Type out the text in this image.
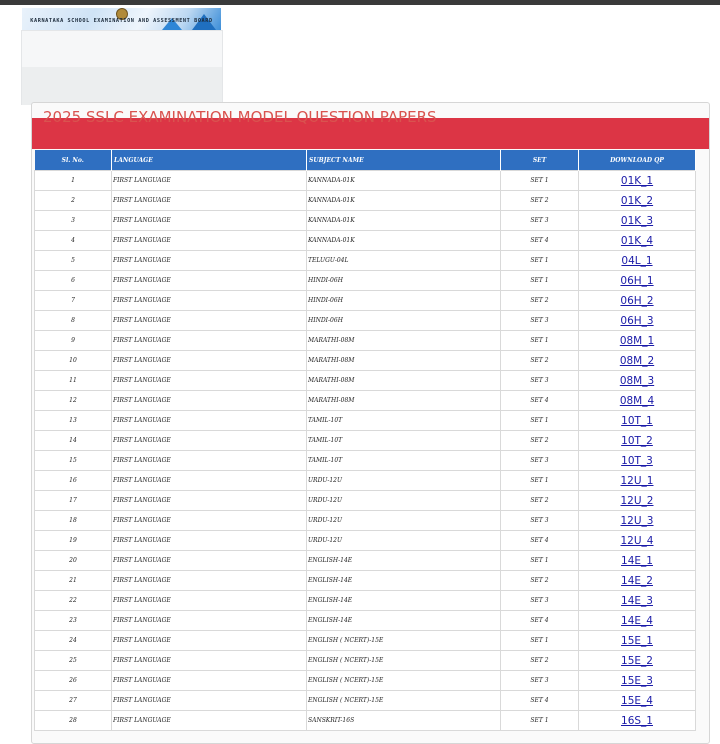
KARNATAKA SCHOOL EXAMINATION AND ASSESSMENT BOARD
2025 SSLC EXAMINATION MODEL QUESTION PAPERS
Sl. No.	LANGUAGE	SUBJECT NAME	SET	DOWNLOAD QP
1	FIRST LANGUAGE	KANNADA-01K	SET 1	01K_1
2	FIRST LANGUAGE	KANNADA-01K	SET 2	01K_2
3	FIRST LANGUAGE	KANNADA-01K	SET 3	01K_3
4	FIRST LANGUAGE	KANNADA-01K	SET 4	01K_4
5	FIRST LANGUAGE	TELUGU-04L	SET 1	04L_1
6	FIRST LANGUAGE	HINDI-06H	SET 1	06H_1
7	FIRST LANGUAGE	HINDI-06H	SET 2	06H_2
8	FIRST LANGUAGE	HINDI-06H	SET 3	06H_3
9	FIRST LANGUAGE	MARATHI-08M	SET 1	08M_1
10	FIRST LANGUAGE	MARATHI-08M	SET 2	08M_2
11	FIRST LANGUAGE	MARATHI-08M	SET 3	08M_3
12	FIRST LANGUAGE	MARATHI-08M	SET 4	08M_4
13	FIRST LANGUAGE	TAMIL-10T	SET 1	10T_1
14	FIRST LANGUAGE	TAMIL-10T	SET 2	10T_2
15	FIRST LANGUAGE	TAMIL-10T	SET 3	10T_3
16	FIRST LANGUAGE	URDU-12U	SET 1	12U_1
17	FIRST LANGUAGE	URDU-12U	SET 2	12U_2
18	FIRST LANGUAGE	URDU-12U	SET 3	12U_3
19	FIRST LANGUAGE	URDU-12U	SET 4	12U_4
20	FIRST LANGUAGE	ENGLISH-14E	SET 1	14E_1
21	FIRST LANGUAGE	ENGLISH-14E	SET 2	14E_2
22	FIRST LANGUAGE	ENGLISH-14E	SET 3	14E_3
23	FIRST LANGUAGE	ENGLISH-14E	SET 4	14E_4
24	FIRST LANGUAGE	ENGLISH ( NCERT)-15E	SET 1	15E_1
25	FIRST LANGUAGE	ENGLISH ( NCERT)-15E	SET 2	15E_2
26	FIRST LANGUAGE	ENGLISH ( NCERT)-15E	SET 3	15E_3
27	FIRST LANGUAGE	ENGLISH ( NCERT)-15E	SET 4	15E_4
28	FIRST LANGUAGE	SANSKRIT-16S	SET 1	16S_1
